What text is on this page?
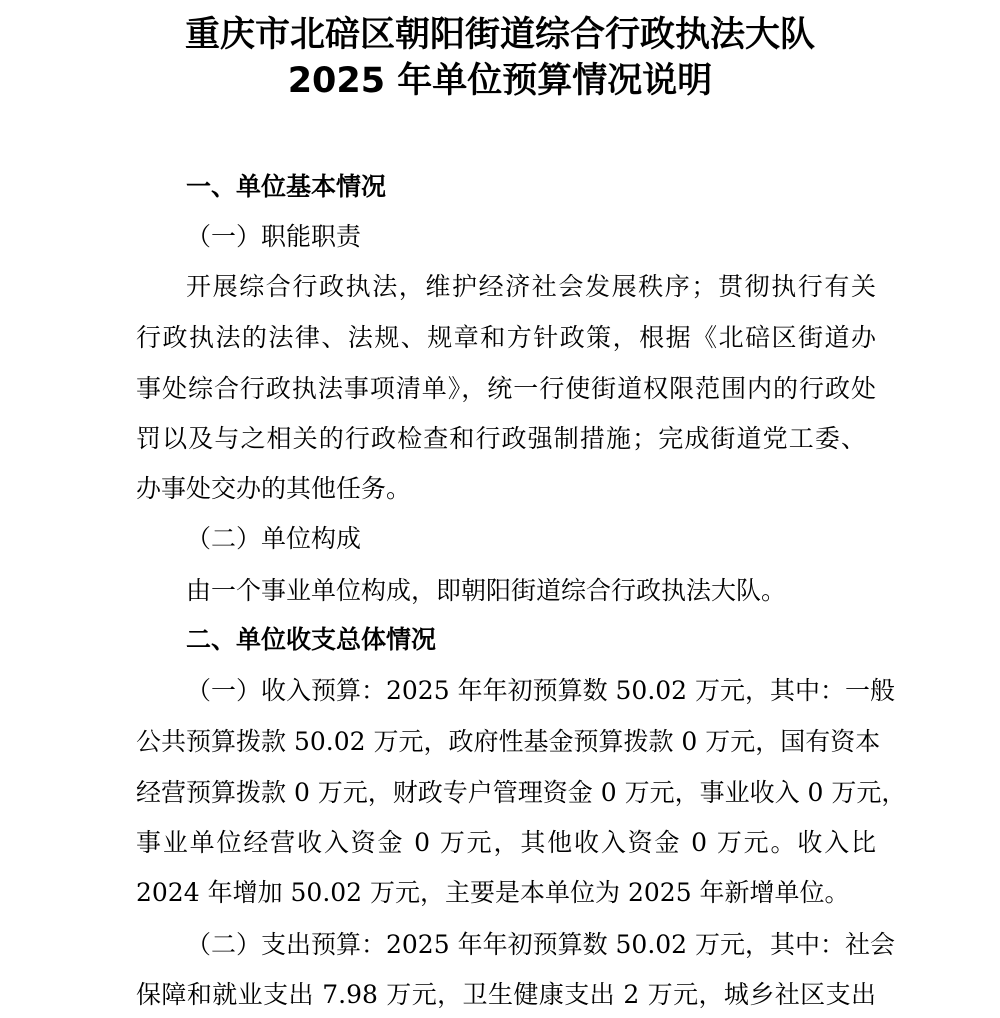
重庆市北碚区朝阳街道综合行政执法大队
2025 年单位预算情况说明
一、单位基本情况
（一）职能职责
开展综合行政执法，维护经济社会发展秩序；贯彻执行有关
行政执法的法律、法规、规章和方针政策，根据《北碚区街道办
事处综合行政执法事项清单》，统一行使街道权限范围内的行政处
罚以及与之相关的行政检查和行政强制措施；完成街道党工委、
办事处交办的其他任务。
（二）单位构成
由一个事业单位构成，即朝阳街道综合行政执法大队。
二、单位收支总体情况
（一）收入预算：2025 年年初预算数 50.02 万元，其中：一般
公共预算拨款 50.02 万元，政府性基金预算拨款 0 万元，国有资本
经营预算拨款 0 万元，财政专户管理资金 0 万元，事业收入 0 万元，
事业单位经营收入资金 0 万元，其他收入资金 0 万元。收入比
2024 年增加 50.02 万元，主要是本单位为 2025 年新增单位。
（二）支出预算：2025 年年初预算数 50.02 万元，其中：社会
保障和就业支出 7.98 万元，卫生健康支出 2 万元，城乡社区支出
